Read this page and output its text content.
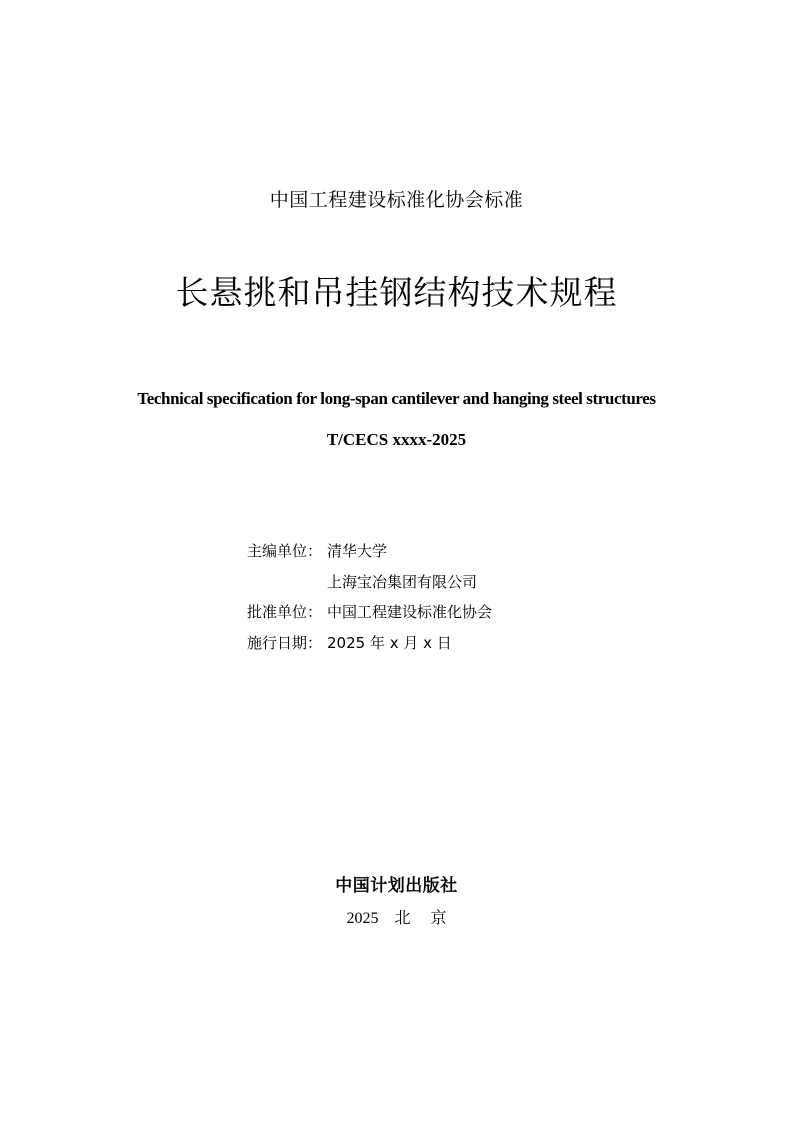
中国工程建设标准化协会标准
长悬挑和吊挂钢结构技术规程
Technical specification for long-span cantilever and hanging steel structures
T/CECS xxxx-2025
主编单位： 清华大学
上海宝冶集团有限公司
批准单位： 中国工程建设标准化协会
施行日期： 2025 年 x 月 x 日
中国计划出版社
2025    北     京
